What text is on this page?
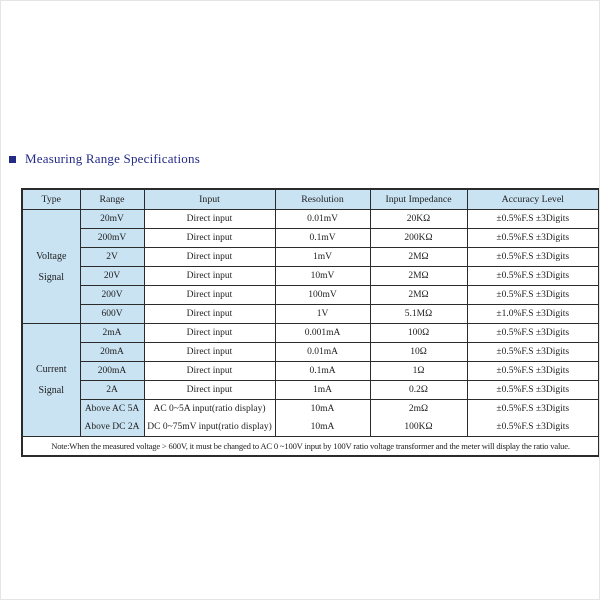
Measuring Range Specifications
Type	Range	Input	Resolution	Input Impedance	Accuracy Level

Voltage
Signal	20mV	Direct input	0.01mV	20KΩ	±0.5%F.S ±3Digits
	200mV	Direct input	0.1mV	200KΩ	±0.5%F.S ±3Digits
	2V	Direct input	1mV	2MΩ	±0.5%F.S ±3Digits
	20V	Direct input	10mV	2MΩ	±0.5%F.S ±3Digits
	200V	Direct input	100mV	2MΩ	±0.5%F.S ±3Digits
	600V	Direct input	1V	5.1MΩ	±1.0%F.S ±3Digits

Current
Signal	2mA	Direct input	0.001mA	100Ω	±0.5%F.S ±3Digits
	20mA	Direct input	0.01mA	10Ω	±0.5%F.S ±3Digits
	200mA	Direct input	0.1mA	1Ω	±0.5%F.S ±3Digits
	2A	Direct input	1mA	0.2Ω	±0.5%F.S ±3Digits
	Above AC 5A	AC 0~5A input(ratio display)	10mA	2mΩ	±0.5%F.S ±3Digits
	Above DC 2A	DC 0~75mV input(ratio display)	10mA	100KΩ	±0.5%F.S ±3Digits
Note:When the measured voltage > 600V, it must be changed to AC 0 ~100V input by 100V ratio voltage transformer and the meter will display the ratio value.					
